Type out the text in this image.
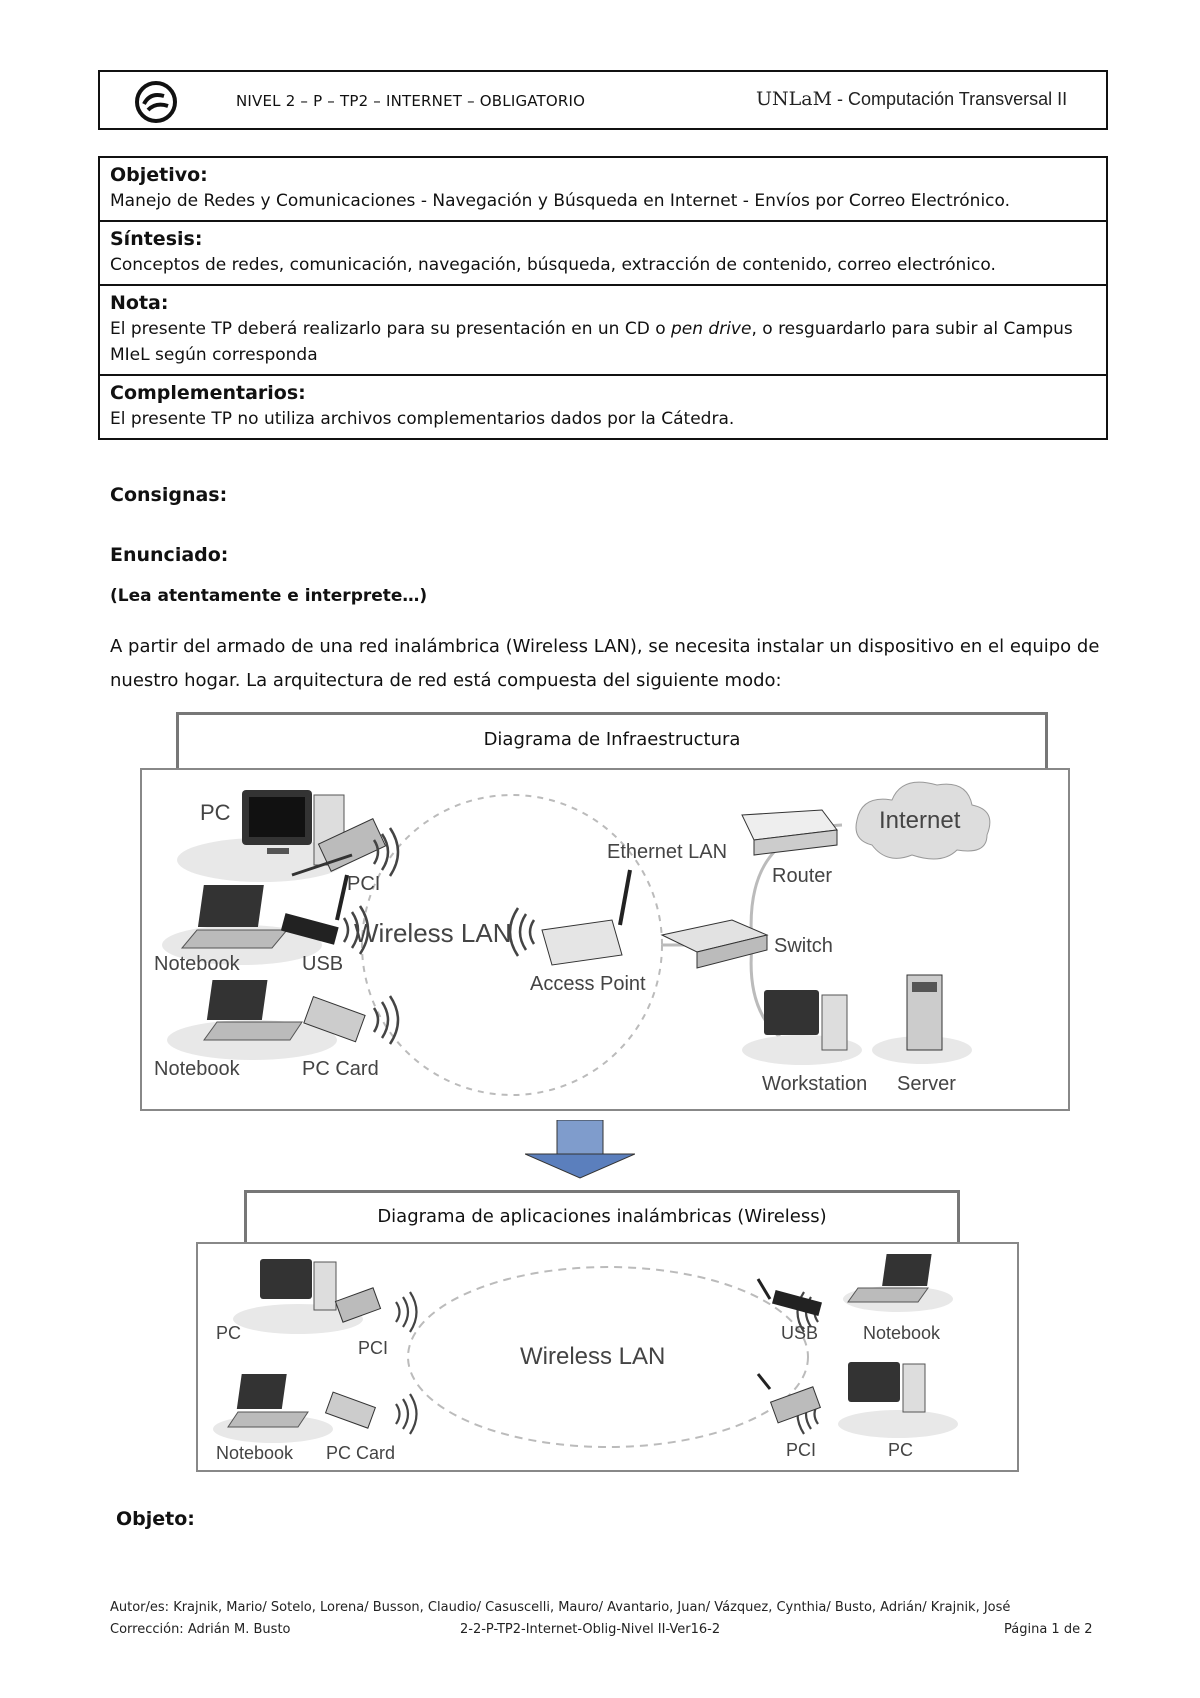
NIVEL 2 – P – TP2 – INTERNET – OBLIGATORIO	UNLaM - Computación Transversal II
Objetivo:
Manejo de Redes y Comunicaciones - Navegación y Búsqueda en Internet - Envíos por Correo Electrónico.
Síntesis:
Conceptos de redes, comunicación, navegación, búsqueda, extracción de contenido, correo electrónico.
Nota:
El presente TP deberá realizarlo para su presentación en un CD o pen drive, o resguardarlo para subir al Campus MIeL según corresponda
Complementarios:
El presente TP no utiliza archivos complementarios dados por la Cátedra.
Consignas:
Enunciado:
(Lea atentamente e interprete…)
A partir del armado de una red inalámbrica (Wireless LAN), se necesita instalar un dispositivo en el equipo de nuestro hogar. La arquitectura de red está compuesta del siguiente modo:
Diagrama de Infraestructura
PC
PCI
Notebook	USB
Notebook	PC Card
Wireless LAN
Access Point
Ethernet LAN
Router
Internet
Switch
Workstation Server
Diagrama de aplicaciones inalámbricas (Wireless)
PC
PCI
Notebook PC Card
Wireless LAN
USB Notebook
PCI	PC
Objeto:
Autor/es: Krajnik, Mario/ Sotelo, Lorena/ Busson, Claudio/ Casuscelli, Mauro/ Avantario, Juan/ Vázquez, Cynthia/ Busto, Adrián/ Krajnik, José
Corrección: Adrián M. Busto	2-2-P-TP2-Internet-Oblig-Nivel II-Ver16-2	Página 1 de 2
